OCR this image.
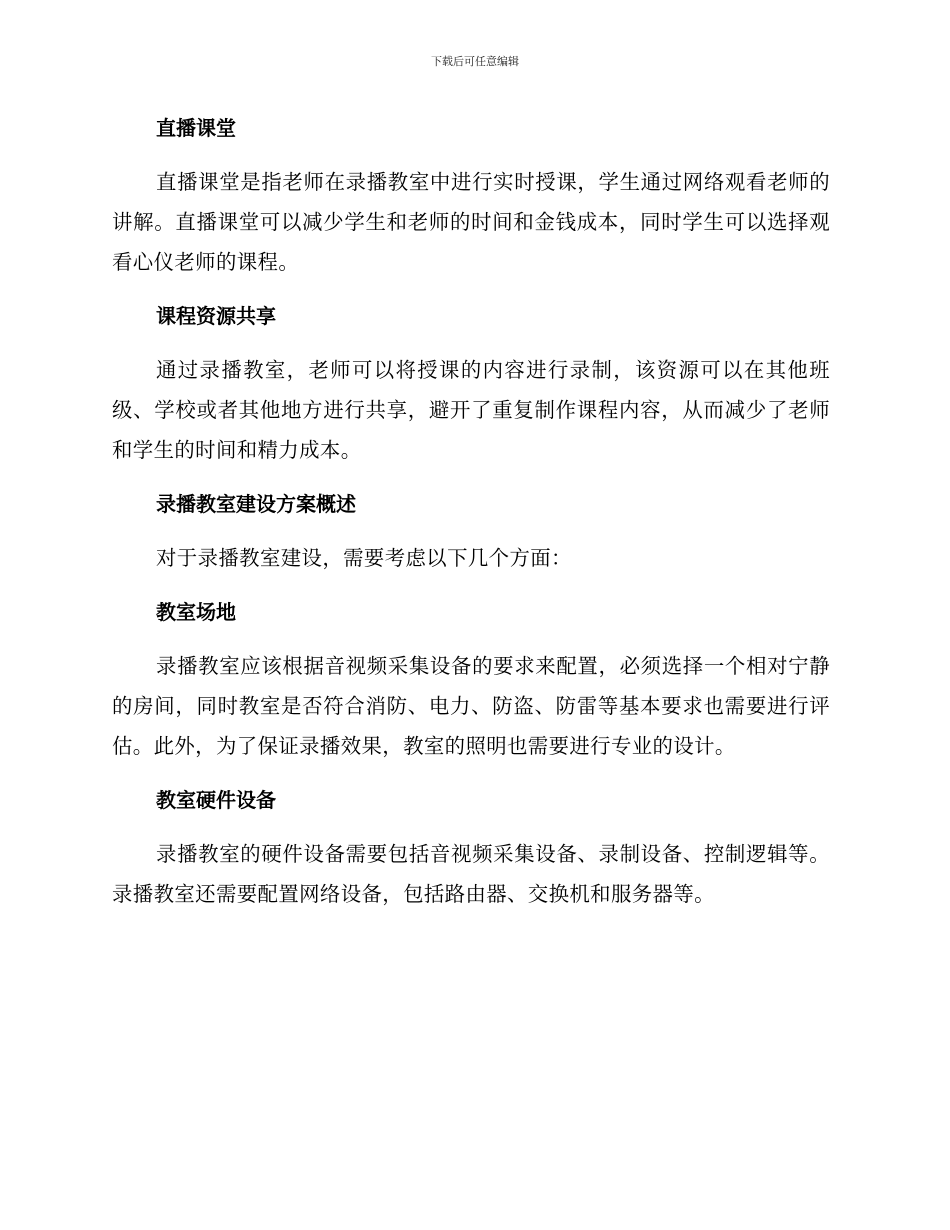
下载后可任意编辑
直播课堂

直播课堂是指老师在录播教室中进行实时授课，学生通过网络观看老师的讲解。直播课堂可以减少学生和老师的时间和金钱成本，同时学生可以选择观看心仪老师的课程。

课程资源共享

通过录播教室，老师可以将授课的内容进行录制，该资源可以在其他班级、学校或者其他地方进行共享，避开了重复制作课程内容，从而减少了老师和学生的时间和精力成本。

录播教室建设方案概述

对于录播教室建设，需要考虑以下几个方面：

教室场地

录播教室应该根据音视频采集设备的要求来配置，必须选择一个相对宁静的房间，同时教室是否符合消防、电力、防盗、防雷等基本要求也需要进行评估。此外，为了保证录播效果，教室的照明也需要进行专业的设计。

教室硬件设备

录播教室的硬件设备需要包括音视频采集设备、录制设备、控制逻辑等。录播教室还需要配置网络设备，包括路由器、交换机和服务器等。
